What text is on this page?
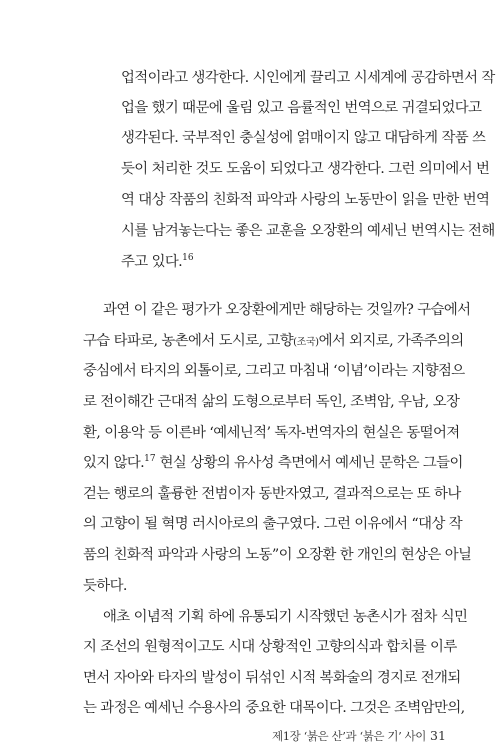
업적이라고 생각한다. 시인에게 끌리고 시세계에 공감하면서 작
업을 했기 때문에 울림 있고 음률적인 번역으로 귀결되었다고
생각된다. 국부적인 충실성에 얽매이지 않고 대담하게 작품 쓰
듯이 처리한 것도 도움이 되었다고 생각한다. 그런 의미에서 번
역 대상 작품의 친화적 파악과 사랑의 노동만이 읽을 만한 번역
시를 남겨놓는다는 좋은 교훈을 오장환의 예세닌 번역시는 전해
주고 있다.$^{16}$
과연 이 같은 평가가 오장환에게만 해당하는 것일까? 구습에서
구습 타파로, 농촌에서 도시로, 고향(조국)에서 외지로, 가족주의의
중심에서 타지의 외톨이로, 그리고 마침내 ‘이념’이라는 지향점으
로 전이해간 근대적 삶의 도형으로부터 독인, 조벽암, 우남, 오장
환, 이용악 등 이른바 ‘예세닌적’ 독자-번역자의 현실은 동떨어져
있지 않다.$^{17}$ 현실 상황의 유사성 측면에서 예세닌 문학은 그들이
걷는 행로의 훌륭한 전범이자 동반자였고, 결과적으로는 또 하나
의 고향이 될 혁명 러시아로의 출구였다. 그런 이유에서 “대상 작
품의 친화적 파악과 사랑의 노동”이 오장환 한 개인의 현상은 아닐
듯하다.
애초 이념적 기획 하에 유통되기 시작했던 농촌시가 점차 식민
지 조선의 원형적이고도 시대 상황적인 고향의식과 합치를 이루
면서 자아와 타자의 발성이 뒤섞인 시적 복화술의 경지로 전개되
는 과정은 예세닌 수용사의 중요한 대목이다. 그것은 조벽암만의,
제1장 ‘붉은 산’과 ‘붉은 기’ 사이 31
